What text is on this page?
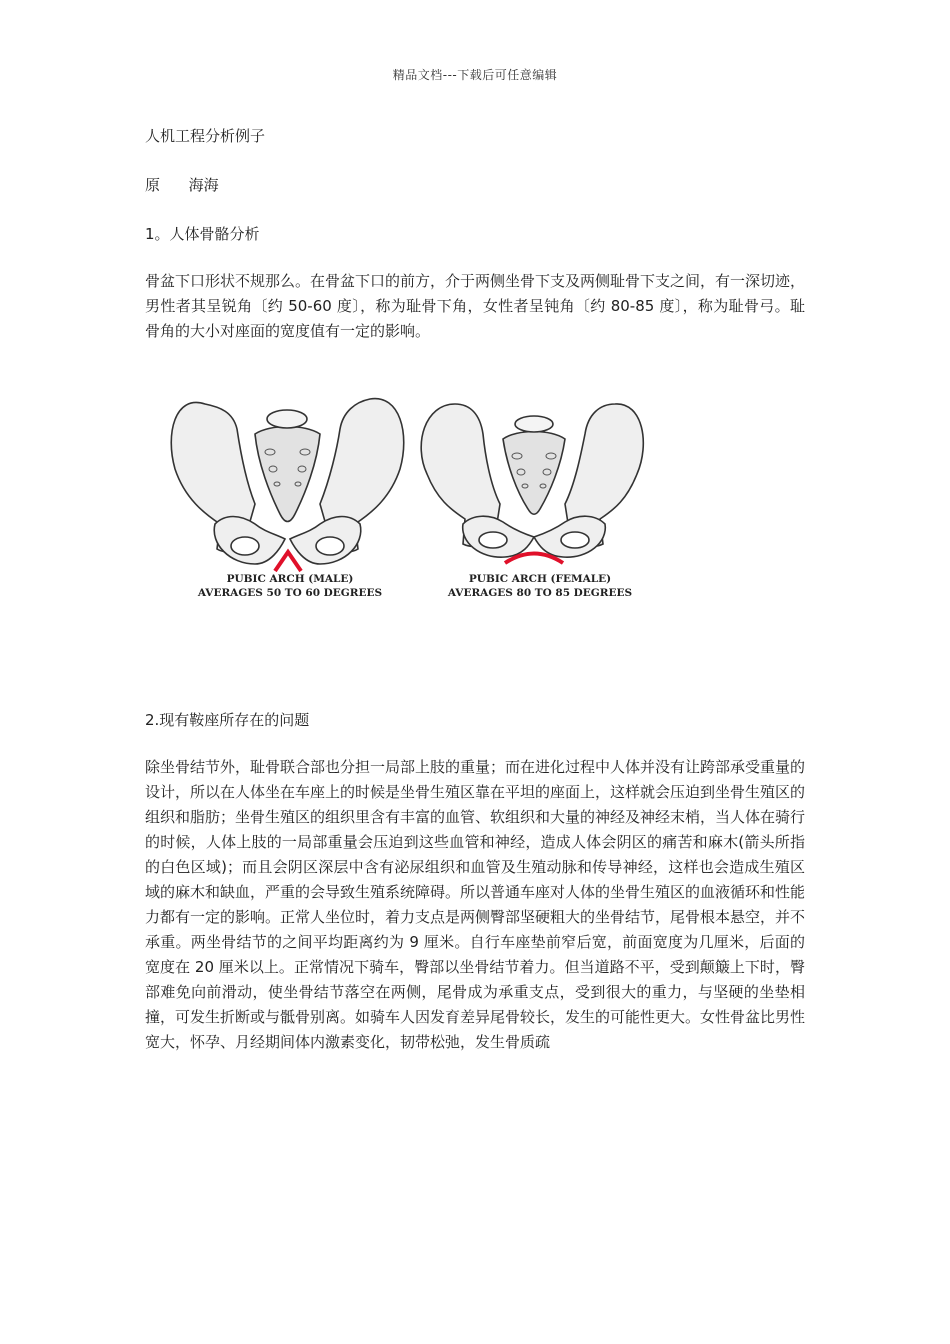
精品文档---下载后可任意编辑

人机工程分析例子

原      海海

1。人体骨骼分析

骨盆下口形状不规那么。在骨盆下口的前方，介于两侧坐骨下支及两侧耻骨下支之间，有一深切迹，男性者其呈锐角〔约 50-60 度〕，称为耻骨下角，女性者呈钝角〔约 80-85 度〕，称为耻骨弓。耻骨角的大小对座面的宽度值有一定的影响。

PUBIC ARCH (MALE)
AVERAGES 50 TO 60 DEGREES
PUBIC ARCH (FEMALE)
AVERAGES 80 TO 85 DEGREES

2.现有鞍座所存在的问题

除坐骨结节外，耻骨联合部也分担一局部上肢的重量；而在进化过程中人体并没有让跨部承受重量的设计，所以在人体坐在车座上的时候是坐骨生殖区靠在平坦的座面上，这样就会压迫到坐骨生殖区的组织和脂肪；坐骨生殖区的组织里含有丰富的血管、软组织和大量的神经及神经末梢，当人体在骑行的时候，人体上肢的一局部重量会压迫到这些血管和神经，造成人体会阴区的痛苦和麻木(箭头所指的白色区域)；而且会阴区深层中含有泌尿组织和血管及生殖动脉和传导神经，这样也会造成生殖区域的麻木和缺血，严重的会导致生殖系统障碍。所以普通车座对人体的坐骨生殖区的血液循环和性能力都有一定的影响。正常人坐位时，着力支点是两侧臀部坚硬粗大的坐骨结节，尾骨根本悬空，并不承重。两坐骨结节的之间平均距离约为 9 厘米。自行车座垫前窄后宽，前面宽度为几厘米，后面的宽度在 20 厘米以上。正常情况下骑车，臀部以坐骨结节着力。但当道路不平，受到颠簸上下时，臀部难免向前滑动，使坐骨结节落空在两侧，尾骨成为承重支点，受到很大的重力，与坚硬的坐垫相撞，可发生折断或与骶骨别离。如骑车人因发育差异尾骨较长，发生的可能性更大。女性骨盆比男性宽大，怀孕、月经期间体内激素变化，韧带松弛，发生骨质疏
